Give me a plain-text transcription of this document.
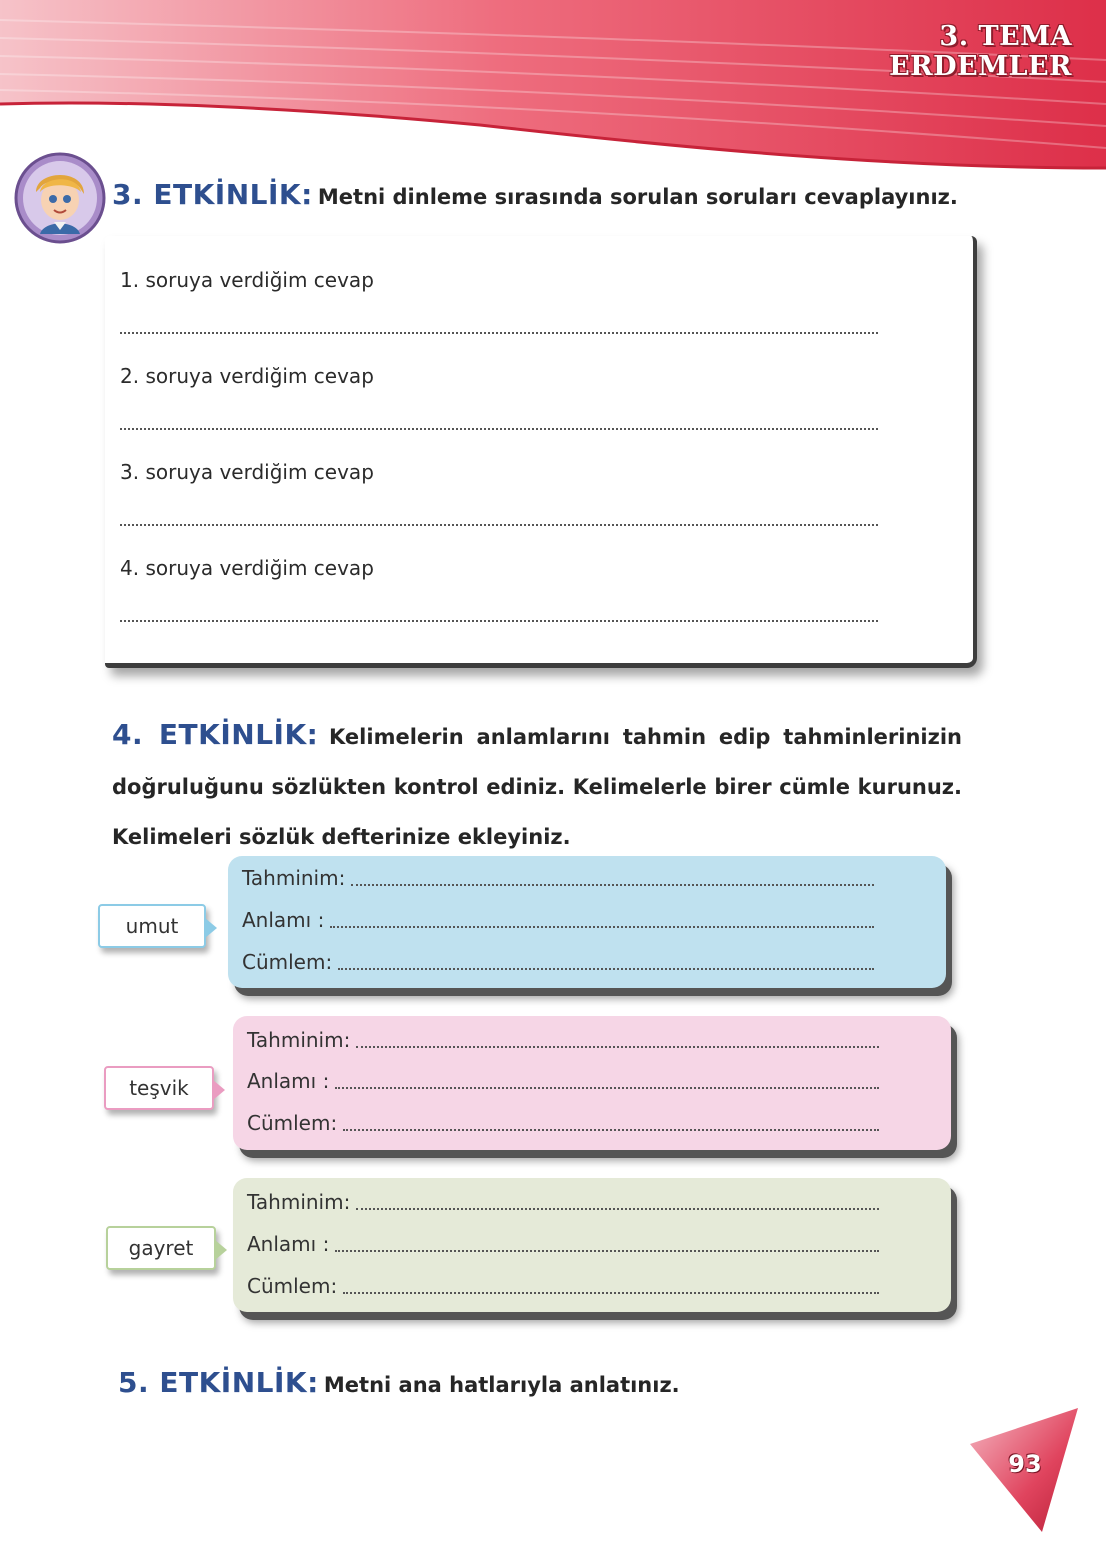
3. TEMA
ERDEMLER
3. ETKİNLİK: Metni dinleme sırasında sorulan soruları cevaplayınız.
1. soruya verdiğim cevap
2. soruya verdiğim cevap
3. soruya verdiğim cevap
4. soruya verdiğim cevap
4. ETKİNLİK: Kelimelerin anlamlarını tahmin edip tahminlerinizin doğruluğunu sözlükten kontrol ediniz. Kelimelerle birer cümle kurunuz. Kelimeleri sözlük defterinize ekleyiniz.
umut
Tahminim:
Anlamı :
Cümlem:
teşvik
Tahminim:
Anlamı :
Cümlem:
gayret
Tahminim:
Anlamı :
Cümlem:
5. ETKİNLİK: Metni ana hatlarıyla anlatınız.
93
